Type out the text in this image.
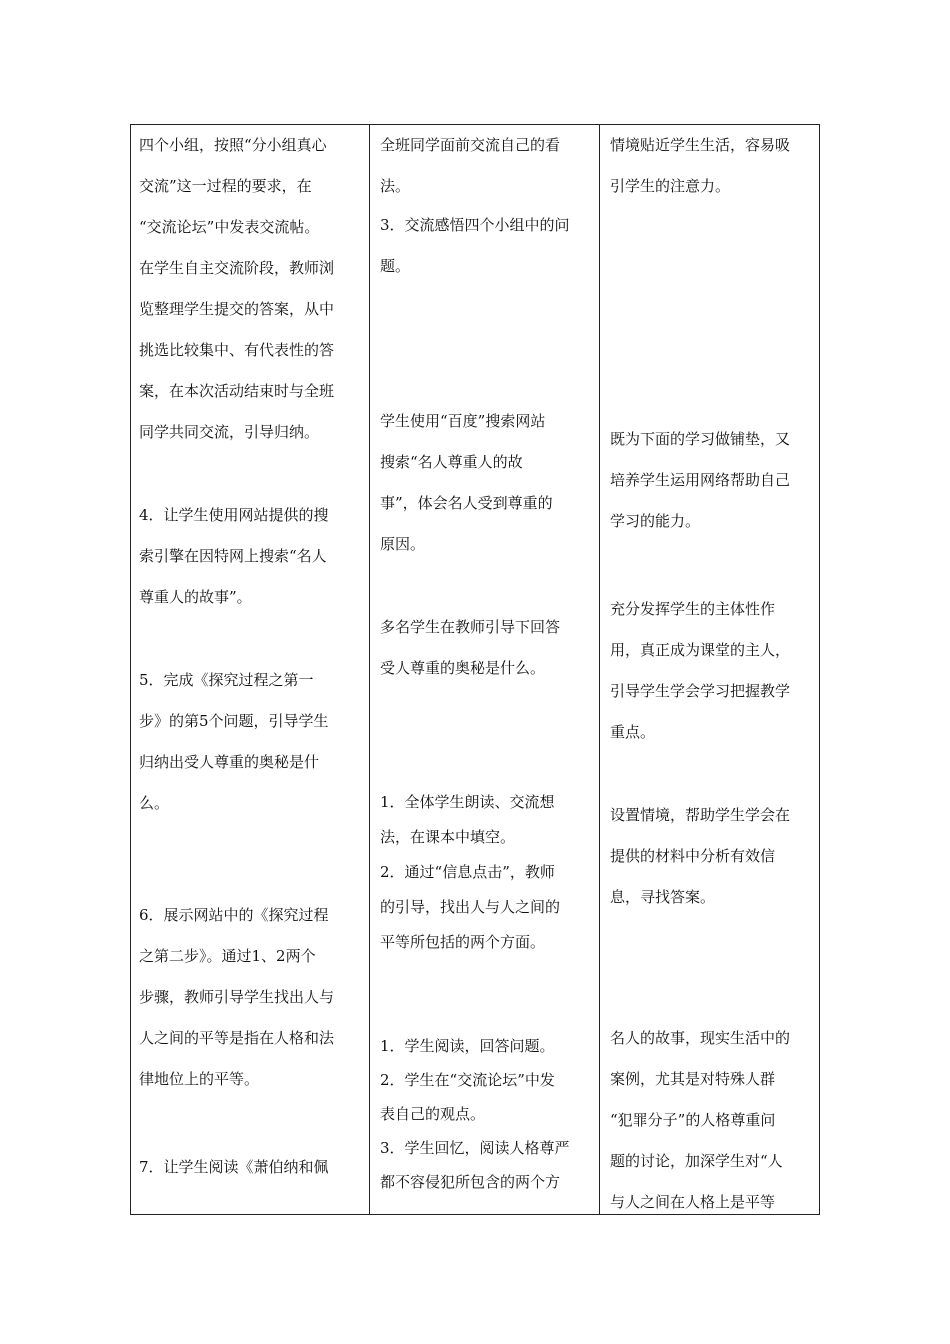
四个小组，按照“分小组真心
交流”这一过程的要求，在
“交流论坛”中发表交流帖。
在学生自主交流阶段，教师浏
览整理学生提交的答案，从中
挑选比较集中、有代表性的答
案，在本次活动结束时与全班
同学共同交流，引导归纳。
4．让学生使用网站提供的搜
索引擎在因特网上搜索“名人
尊重人的故事”。
5．完成《探究过程之第一
步》的第5个问题，引导学生
归纳出受人尊重的奥秘是什
么。
6．展示网站中的《探究过程
之第二步》。通过1、2两个
步骤，教师引导学生找出人与
人之间的平等是指在人格和法
律地位上的平等。
7．让学生阅读《萧伯纳和佩
全班同学面前交流自己的看
法。
3．交流感悟四个小组中的问
题。
学生使用“百度”搜索网站
搜索“名人尊重人的故
事”，体会名人受到尊重的
原因。
多名学生在教师引导下回答
受人尊重的奥秘是什么。
1．全体学生朗读、交流想
法，在课本中填空。
2．通过“信息点击”，教师
的引导，找出人与人之间的
平等所包括的两个方面。
1．学生阅读，回答问题。
2．学生在“交流论坛”中发
表自己的观点。
3．学生回忆，阅读人格尊严
都不容侵犯所包含的两个方
情境贴近学生生活，容易吸
引学生的注意力。
既为下面的学习做铺垫，又
培养学生运用网络帮助自己
学习的能力。
充分发挥学生的主体性作
用，真正成为课堂的主人，
引导学生学会学习把握教学
重点。
设置情境，帮助学生学会在
提供的材料中分析有效信
息，寻找答案。
名人的故事，现实生活中的
案例，尤其是对特殊人群
“犯罪分子”的人格尊重问
题的讨论，加深学生对“人
与人之间在人格上是平等
